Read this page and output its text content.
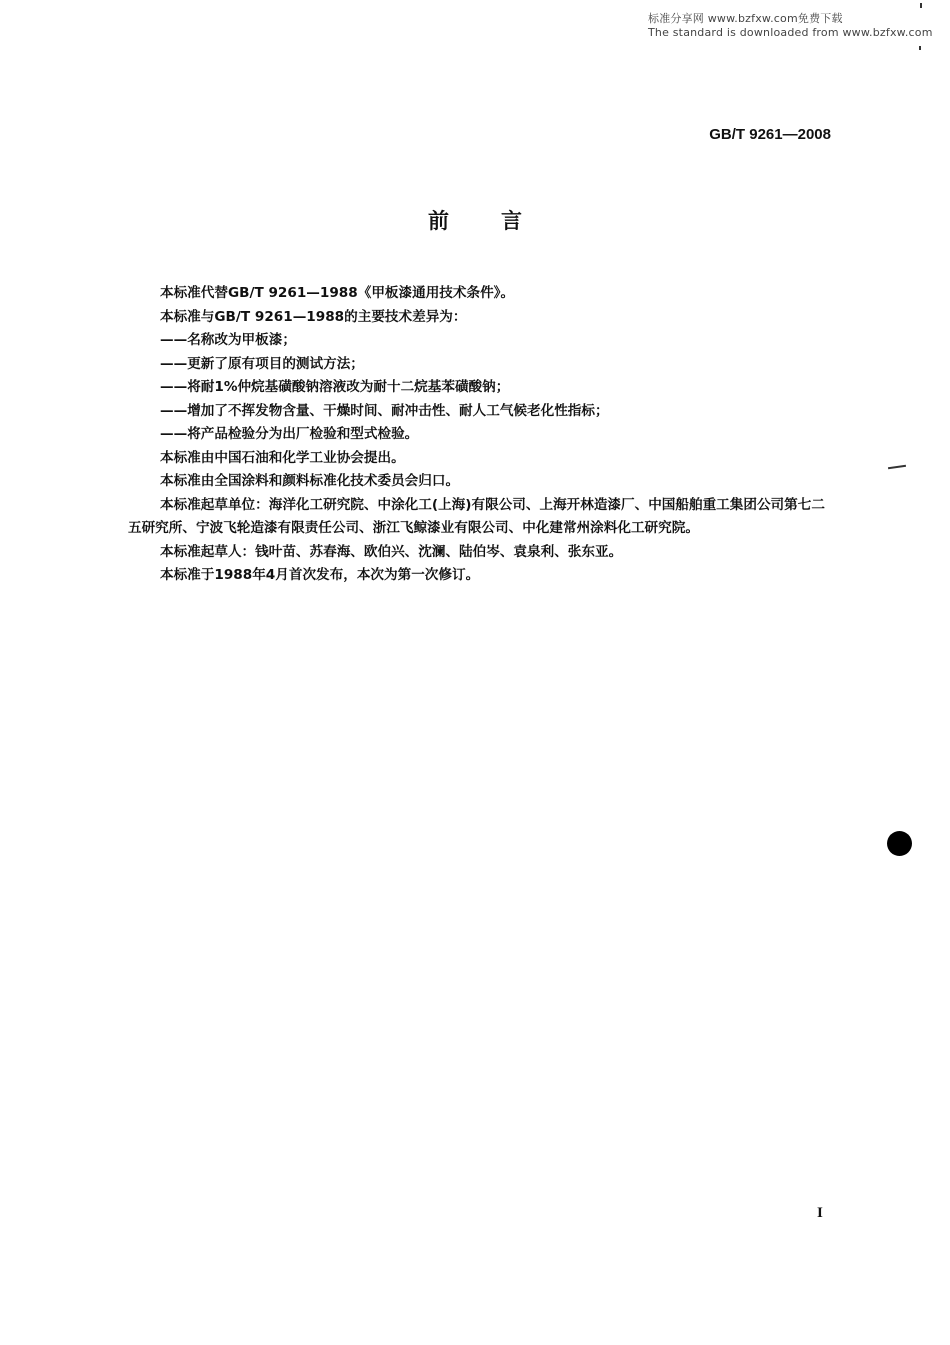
标准分享网 www.bzfxw.com免费下载
The standard is downloaded from www.bzfxw.com
GB/T 9261—2008
前言

本标准代替GB/T 9261—1988《甲板漆通用技术条件》。

本标准与GB/T 9261—1988的主要技术差异为：

——名称改为甲板漆；

——更新了原有项目的测试方法；

——将耐1%仲烷基磺酸钠溶液改为耐十二烷基苯磺酸钠；

——增加了不挥发物含量、干燥时间、耐冲击性、耐人工气候老化性指标；

——将产品检验分为出厂检验和型式检验。

本标准由中国石油和化学工业协会提出。

本标准由全国涂料和颜料标准化技术委员会归口。

本标准起草单位：海洋化工研究院、中涂化工(上海)有限公司、上海开林造漆厂、中国船舶重工集团公司第七二五研究所、宁波飞轮造漆有限责任公司、浙江飞鲸漆业有限公司、中化建常州涂料化工研究院。

本标准起草人：钱叶苗、苏春海、欧伯兴、沈澜、陆伯岑、袁泉利、张东亚。

本标准于1988年4月首次发布，本次为第一次修订。

I
